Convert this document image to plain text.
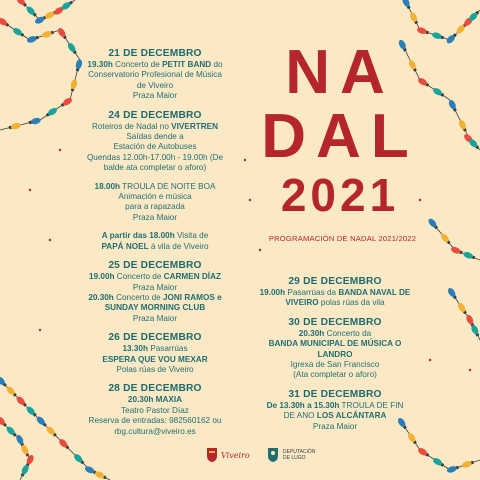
21 DE DECEMBRO
19.30h Concerto de PETIT BAND do
Conservatorio Profesional de Música
de Viveiro
Praza Maior
24 DE DECEMBRO
Roteiros de Nadal no VIVERTREN
Saídas dende a
Estación de Autobuses
Quendas 12.00h-17.00h - 19.00h (De
balde ata completar o aforo)
18.00h TROULA DE NOITE BOA
Animación e música
para a rapazada
Praza Maior
A partir das 18.00h Visita de
PAPÁ NOEL á vila de Viveiro
25 DE DECEMBRO
19.00h Concerto de CARMEN DÍAZ
Praza Maior
20.30h Concerto de JONI RAMOS e
SUNDAY MORNING CLUB
Praza Maior
26 DE DECEMBRO
13.30h Pasarrúas
ESPERA QUE VOU MEXAR
Polas rúas de Viveiro
28 DE DECEMBRO
20.30h MAXIA
Teatro Pastor Díaz
Reserva de entradas: 982560162 ou
rbg.cultura@viveiro.es
NA
DAL
2021
PROGRAMACIÓN DE NADAL 2021/2022
29 DE DECEMBRO
19.00h Pasarrúas da BANDA NAVAL DE
VIVEIRO polas rúas da vila
30 DE DECEMBRO
20.30h Concerto da
BANDA MUNICIPAL DE MÚSICA O
LANDRO
Igrexa de San Francisco
(Ata completar o aforo)
31 DE DECEMBRO
De 13.30h a 15.30h TROULA DE FIN
DE ANO LOS ALCÁNTARA
Praza Maior
Viveiro	DEPUTACIÓN DE LUGO
